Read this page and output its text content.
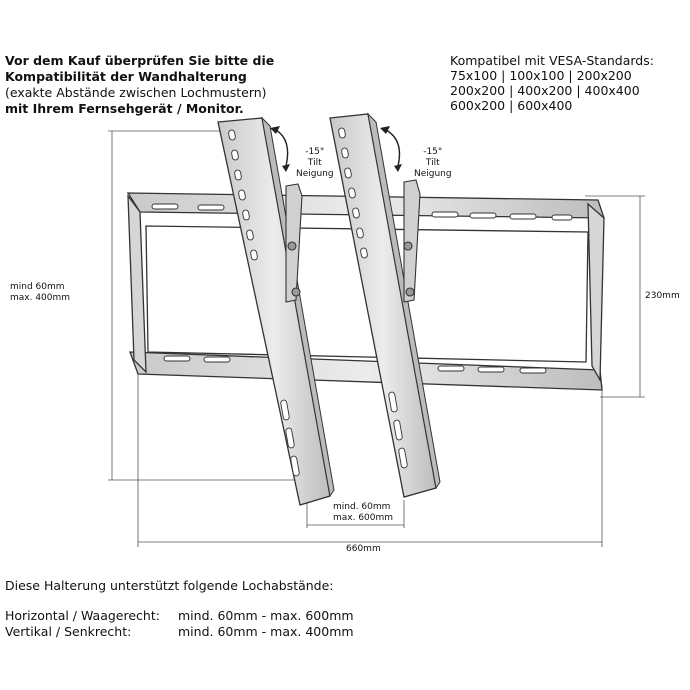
Vor dem Kauf überprüfen Sie bitte die
Kompatibilität der Wandhalterung
(exakte Abstände zwischen Lochmustern)
mit Ihrem Fernsehgerät / Monitor.
Kompatibel mit VESA-Standards:
75x100 | 100x100 | 200x200
200x200 | 400x200 | 400x400
600x200 | 600x400
-15°
Tilt
Neigung
-15°
Tilt
Neigung
mind 60mm
max. 400mm	230mm
mind. 60mm
max. 600mm
660mm
Diese Halterung unterstützt folgende Lochabstände:
Horizontal / Waagerecht: mind. 60mm - max. 600mm
Vertikal / Senkrecht:	mind. 60mm - max. 400mm
